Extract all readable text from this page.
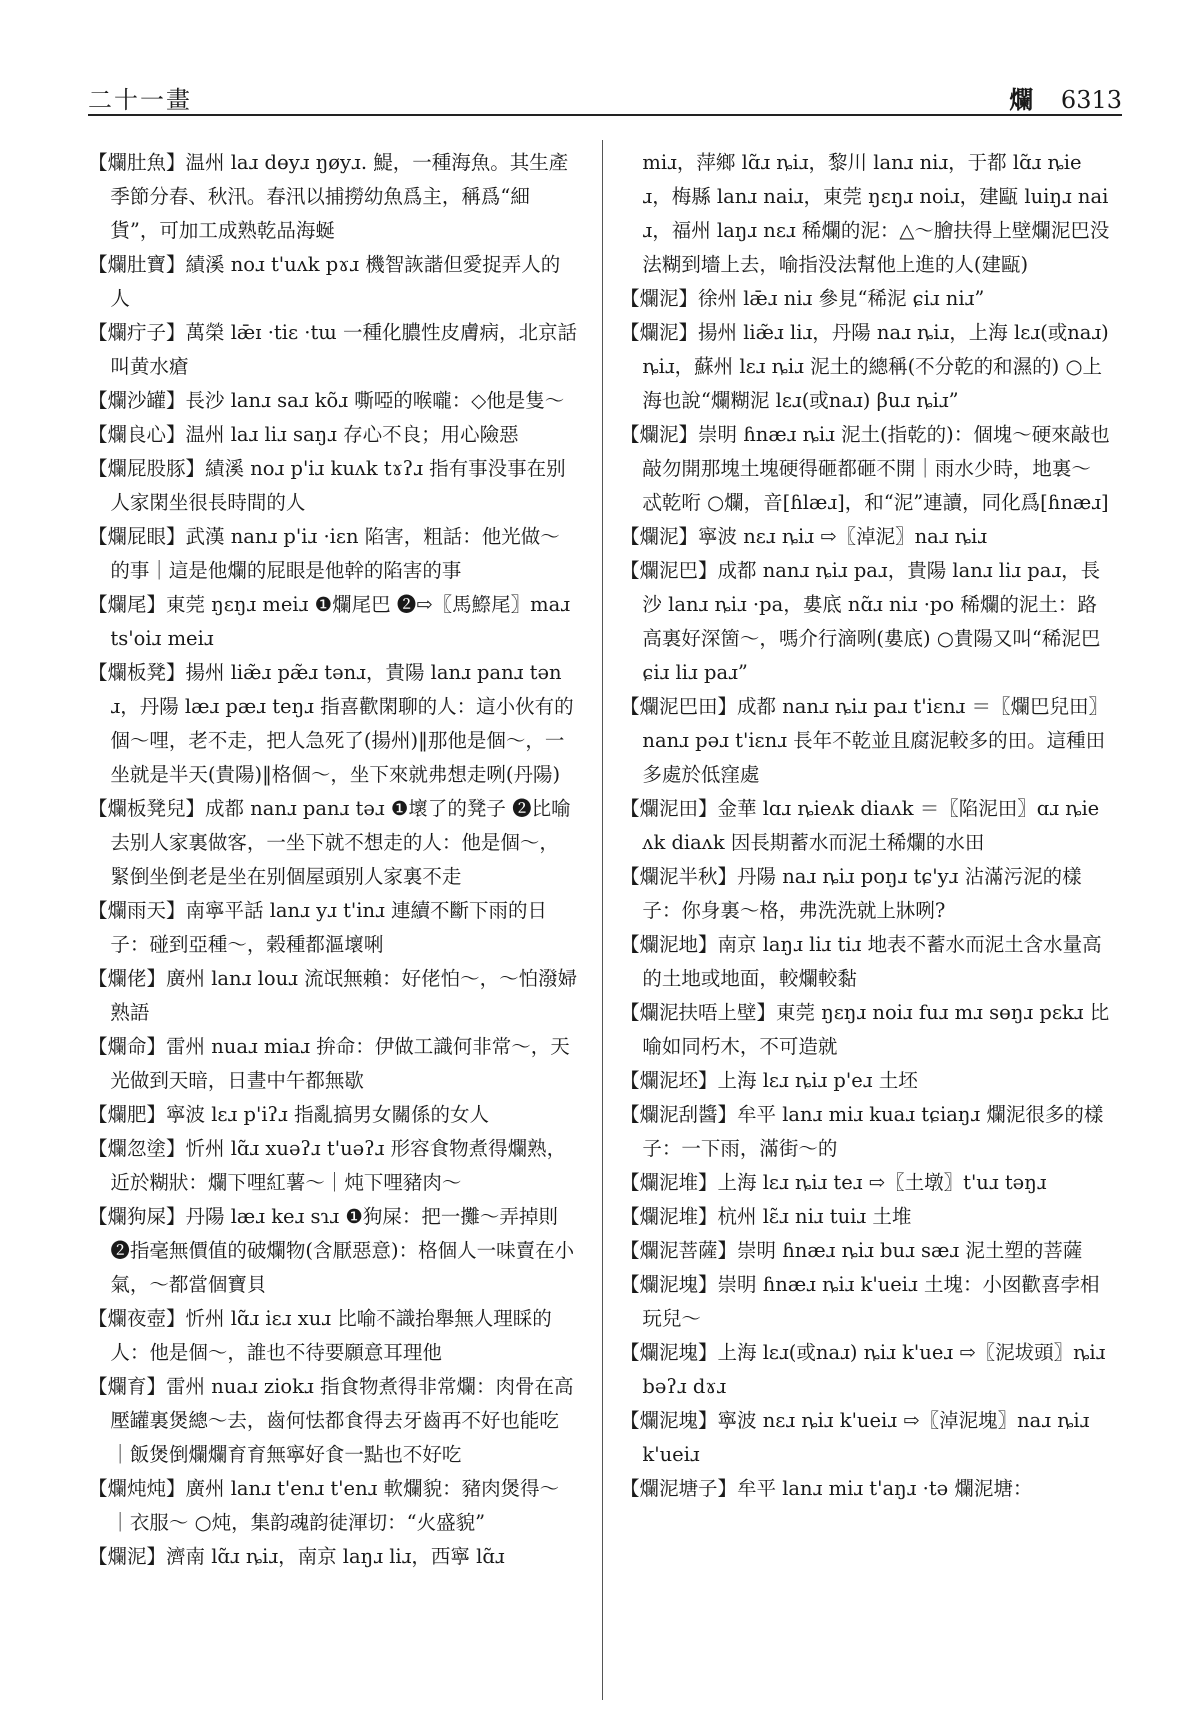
二十一畫	爛 6313

【爛肚魚】温州 laɹ dɵyɹ ŋøyɹ. 鯷，一種海魚。其生產季節分春、秋汛。春汛以捕撈幼魚爲主，稱爲“細貨”，可加工成熟乾品海蜒

【爛肚寶】績溪 noɹ t'uʌk pɤɹ 機智詼諧但愛捉弄人的人

【爛疔子】萬榮 lǣɪ ·tiɛ ·tɯ 一種化膿性皮膚病，北京話叫黄水瘡

【爛沙罐】長沙 lanɹ saɹ kõɹ 嘶啞的喉嚨：◇他是隻～

【爛良心】温州 laɹ liɹ saŋɹ 存心不良；用心險惡

【爛屁股豚】績溪 noɹ p'iɹ kuʌk tɤʔɹ 指有事没事在别人家閑坐很長時間的人

【爛屁眼】武漢 nanɹ p'iɹ ·iɛn 陷害，粗話：他光做～的事｜這是他爛的屁眼是他幹的陷害的事

【爛尾】東莞 ŋɛŋɹ meiɹ ❶爛尾巴 ❷⇨〖馬鰶尾〗maɹ ts'oiɹ meiɹ

【爛板凳】揚州 liæ̃ɹ pæ̃ɹ tənɹ，貴陽 lanɹ panɹ tənɹ，丹陽 læɹ pæɹ teŋɹ 指喜歡閑聊的人：這小伙有的個～哩，老不走，把人急死了(揚州)‖那他是個～，一坐就是半天(貴陽)‖格個～，坐下來就弗想走咧(丹陽)

【爛板凳兒】成都 nanɹ panɹ təɹ ❶壞了的凳子 ❷比喻去别人家裏做客，一坐下就不想走的人：他是個～，緊倒坐倒老是坐在别個屋頭别人家裏不走

【爛雨天】南寧平話 lanɹ yɹ t'inɹ 連續不斷下雨的日子：碰到亞種～，榖種都漚壞唎

【爛佬】廣州 lanɹ louɹ 流氓無賴：好佬怕～，～怕潑婦熟語

【爛命】雷州 nuaɹ miaɹ 拚命：伊做工識何非常～，天光做到天暗，日晝中午都無歇

【爛肥】寧波 lɛɹ p'iʔɹ 指亂搞男女關係的女人

【爛忽塗】忻州 lɑ̃ɹ xuəʔɹ t'uəʔɹ 形容食物煮得爛熟，近於糊狀：爛下哩紅薯～｜炖下哩豬肉～

【爛狗屎】丹陽 læɹ keɹ sɿɹ ❶狗屎：把一攤～弄掉則 ❷指毫無價值的破爛物(含厭惡意)：格個人一味賣在小氣，～都當個寶貝

【爛夜壺】忻州 lɑ̃ɹ iɛɹ xuɹ 比喻不識抬舉無人理睬的人：他是個～，誰也不待要願意耳理他

【爛育】雷州 nuaɹ ziokɹ 指食物煮得非常爛：肉骨在高壓罐裏煲總～去，齒何怯都食得去牙齒再不好也能吃｜飯煲倒爛爛育育無寧好食一點也不好吃

【爛炖炖】廣州 lanɹ t'enɹ t'enɹ 軟爛貌：豬肉煲得～｜衣服～ ○炖，集韵魂韵徒渾切：“火盛貌”

【爛泥】濟南 lɑ̃ɹ ȵiɹ，南京 laŋɹ liɹ，西寧 lɑ̃ɹ

miɹ，萍鄉 lɑ̃ɹ ȵiɹ，黎川 lanɹ niɹ，于都 lɑ̃ɹ ȵieɹ，梅縣 lanɹ naiɹ，東莞 ŋɛŋɹ noiɹ，建甌 luiŋɹ naiɹ，福州 laŋɹ nɛɹ 稀爛的泥：△～膾扶得上壁爛泥巴没法糊到墻上去，喻指没法幫他上進的人(建甌)

【爛泥】徐州 lǣɹ niɹ 參見“稀泥 ɕiɹ niɹ”

【爛泥】揚州 liæ̃ɹ liɹ，丹陽 naɹ ȵiɹ，上海 lɛɹ(或naɹ) ȵiɹ，蘇州 lɛɹ ȵiɹ 泥土的總稱(不分乾的和濕的) ○上海也說“爛糊泥 lɛɹ(或naɹ) βuɹ ȵiɹ”

【爛泥】崇明 ɦnæɹ ȵiɹ 泥土(指乾的)：個塊～硬來敲也敲勿開那塊土塊硬得砸都砸不開｜雨水少時，地裏～忒乾哘 ○爛，音[ɦlæɹ]，和“泥”連讀，同化爲[ɦnæɹ]

【爛泥】寧波 nɛɹ ȵiɹ ⇨〖淖泥〗naɹ ȵiɹ

【爛泥巴】成都 nanɹ ȵiɹ paɹ，貴陽 lanɹ liɹ paɹ，長沙 lanɹ ȵiɹ ·pa，婁底 nɑ̃ɹ niɹ ·po 稀爛的泥土：路高裏好深箇～，嗎介行滴咧(婁底) ○貴陽又叫“稀泥巴 ɕiɹ liɹ paɹ”

【爛泥巴田】成都 nanɹ ȵiɹ paɹ t'iɛnɹ ＝〖爛巴兒田〗nanɹ pəɹ t'iɛnɹ 長年不乾並且腐泥較多的田。這種田多處於低窪處

【爛泥田】金華 lɑɹ ȵieʌk diaʌk ＝〖陷泥田〗ɑɹ ȵieʌk diaʌk 因長期蓄水而泥土稀爛的水田

【爛泥半秋】丹陽 naɹ ȵiɹ poŋɹ tɕ'yɹ 沾滿污泥的樣子：你身裏～格，弗洗洗就上牀咧?

【爛泥地】南京 laŋɹ liɹ tiɹ 地表不蓄水而泥土含水量高的土地或地面，較爛較黏

【爛泥扶唔上壁】東莞 ŋɛŋɹ noiɹ fuɹ mɹ sɵŋɹ pɛkɹ 比喻如同朽木，不可造就

【爛泥坯】上海 lɛɹ ȵiɹ p'eɹ 土坯

【爛泥刮醬】牟平 lanɹ miɹ kuaɹ tɕiaŋɹ 爛泥很多的樣子：一下雨，滿街～的

【爛泥堆】上海 lɛɹ ȵiɹ teɹ ⇨〖土墩〗t'uɹ təŋɹ

【爛泥堆】杭州 lɛ̃ɹ niɹ tuiɹ 土堆

【爛泥菩薩】崇明 ɦnæɹ ȵiɹ buɹ sæɹ 泥土塑的菩薩

【爛泥塊】崇明 ɦnæɹ ȵiɹ k'ueiɹ 土塊：小囡歡喜孛相玩兒～

【爛泥塊】上海 lɛɹ(或naɹ) ȵiɹ k'ueɹ ⇨〖泥坺頭〗ȵiɹ bəʔɹ dɤɹ

【爛泥塊】寧波 nɛɹ ȵiɹ k'ueiɹ ⇨〖淖泥塊〗naɹ ȵiɹ k'ueiɹ

【爛泥塘子】牟平 lanɹ miɹ t'aŋɹ ·tə 爛泥塘：
